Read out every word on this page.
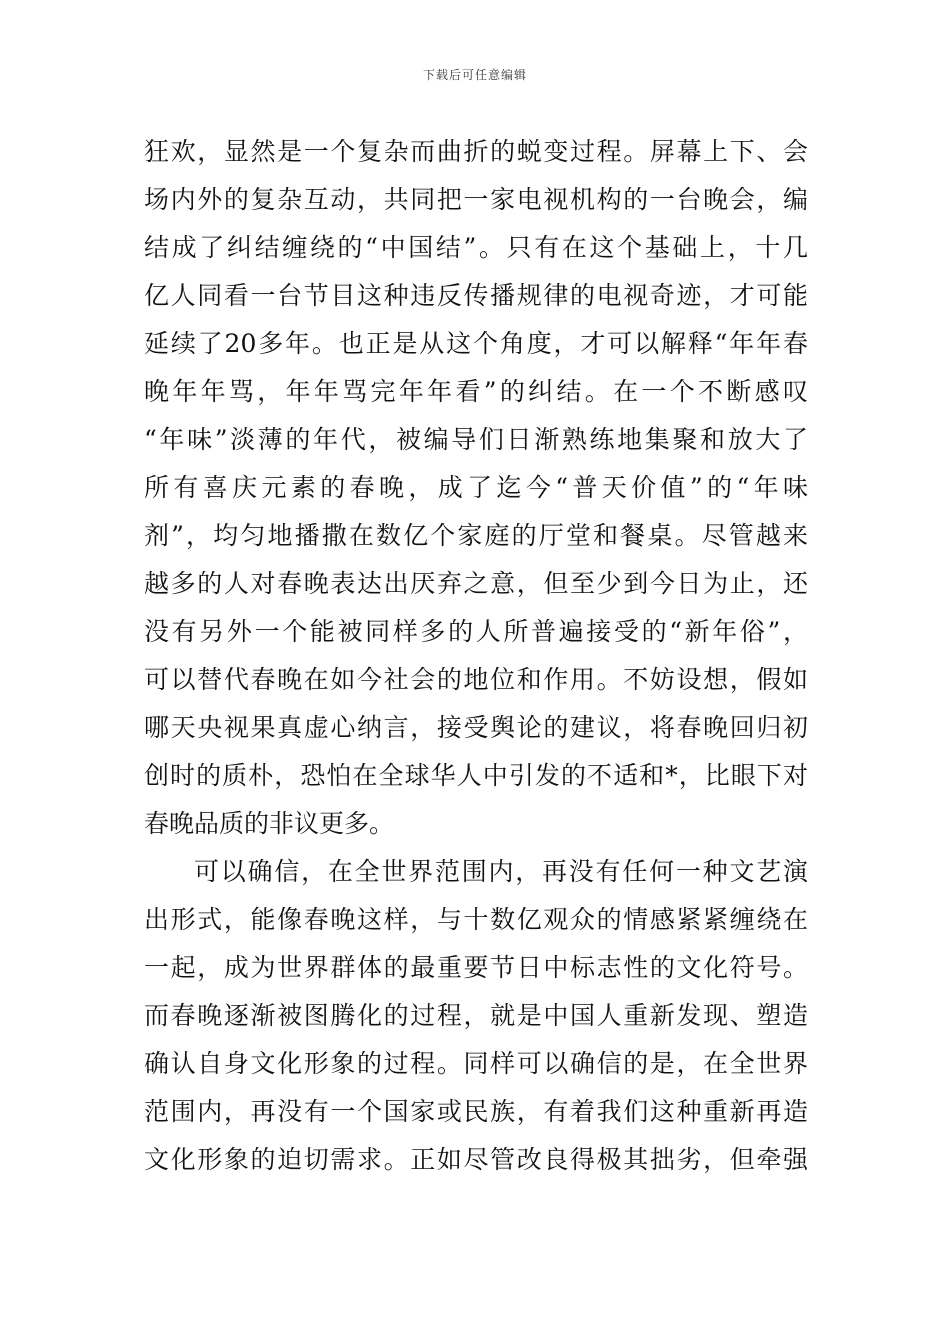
下载后可任意编辑
狂欢，显然是一个复杂而曲折的蜕变过程。屏幕上下、会
场内外的复杂互动，共同把一家电视机构的一台晚会，编
结成了纠结缠绕的“中国结”。只有在这个基础上，十几
亿人同看一台节目这种违反传播规律的电视奇迹，才可能
延续了20多年。也正是从这个角度，才可以解释“年年春
晚年年骂，年年骂完年年看”的纠结。在一个不断感叹
“年味”淡薄的年代，被编导们日渐熟练地集聚和放大了
所有喜庆元素的春晚，成了迄今“普天价值”的“年味
剂”，均匀地播撒在数亿个家庭的厅堂和餐桌。尽管越来
越多的人对春晚表达出厌弃之意，但至少到今日为止，还
没有另外一个能被同样多的人所普遍接受的“新年俗”，
可以替代春晚在如今社会的地位和作用。不妨设想，假如
哪天央视果真虚心纳言，接受舆论的建议，将春晚回归初
创时的质朴，恐怕在全球华人中引发的不适和*，比眼下对
春晚品质的非议更多。
可以确信，在全世界范围内，再没有任何一种文艺演
出形式，能像春晚这样，与十数亿观众的情感紧紧缠绕在
一起，成为世界群体的最重要节日中标志性的文化符号。
而春晚逐渐被图腾化的过程，就是中国人重新发现、塑造
确认自身文化形象的过程。同样可以确信的是，在全世界
范围内，再没有一个国家或民族，有着我们这种重新再造
文化形象的迫切需求。正如尽管改良得极其拙劣，但牵强
